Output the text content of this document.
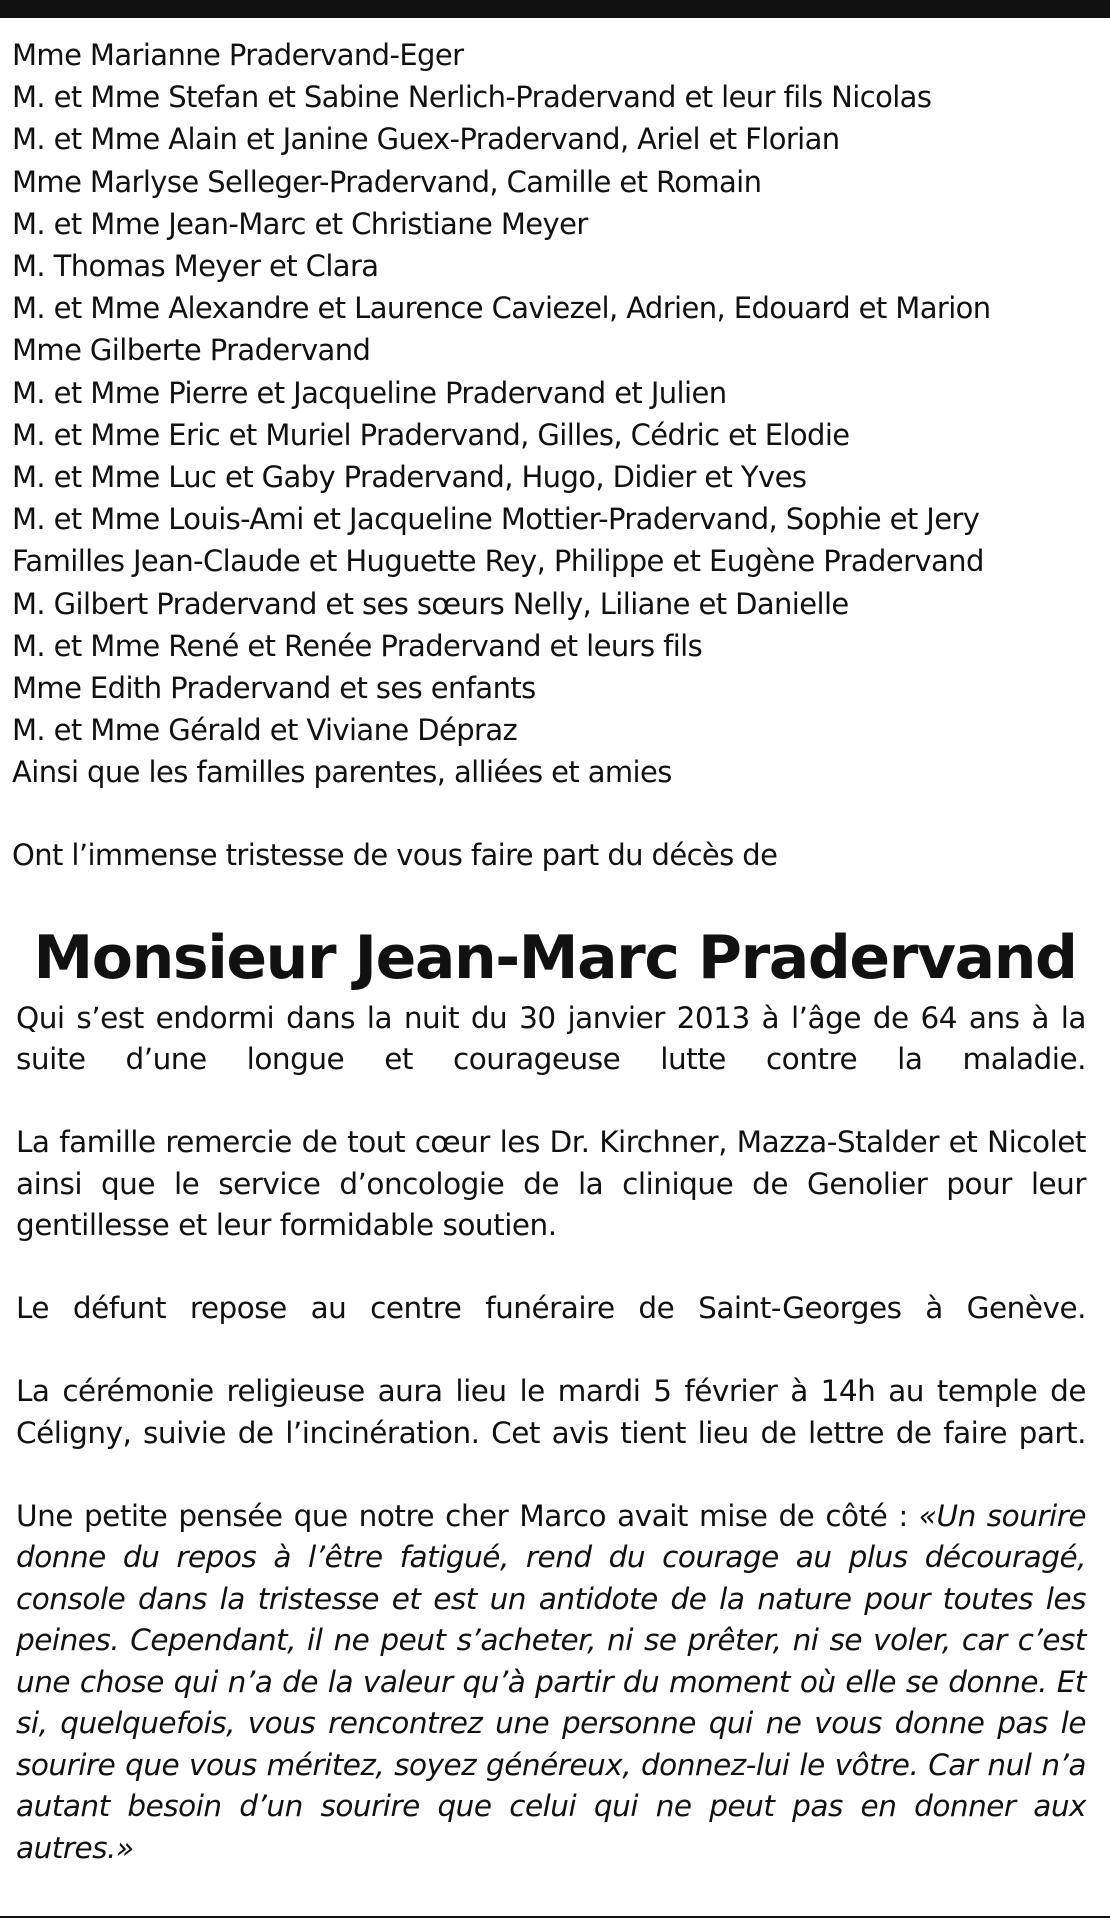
Mme Marianne Pradervand-Eger
M. et Mme Stefan et Sabine Nerlich-Pradervand et leur fils Nicolas
M. et Mme Alain et Janine Guex-Pradervand, Ariel et Florian
Mme Marlyse Selleger-Pradervand, Camille et Romain
M. et Mme Jean-Marc et Christiane Meyer
M. Thomas Meyer et Clara
M. et Mme Alexandre et Laurence Caviezel, Adrien, Edouard et Marion
Mme Gilberte Pradervand
M. et Mme Pierre et Jacqueline Pradervand et Julien
M. et Mme Eric et Muriel Pradervand, Gilles, Cédric et Elodie
M. et Mme Luc et Gaby Pradervand, Hugo, Didier et Yves
M. et Mme Louis-Ami et Jacqueline Mottier-Pradervand, Sophie et Jery
Familles Jean-Claude et Huguette Rey, Philippe et Eugène Pradervand
M. Gilbert Pradervand et ses sœurs Nelly, Liliane et Danielle
M. et Mme René et Renée Pradervand et leurs fils
Mme Edith Pradervand et ses enfants
M. et Mme Gérald et Viviane Dépraz
Ainsi que les familles parentes, alliées et amies

Ont l’immense tristesse de vous faire part du décès de

Monsieur Jean-Marc Pradervand

Qui s’est endormi dans la nuit du 30 janvier 2013 à l’âge de 64 ans à la suite d’une longue et courageuse lutte contre la maladie.

La famille remercie de tout cœur les Dr. Kirchner, Mazza-Stalder et Nicolet ainsi que le service d’oncologie de la clinique de Genolier pour leur gentillesse et leur formidable soutien.

Le défunt repose au centre funéraire de Saint-Georges à Genève.

La cérémonie religieuse aura lieu le mardi 5 février à 14h au temple de Céligny, suivie de l’incinération. Cet avis tient lieu de lettre de faire part.

Une petite pensée que notre cher Marco avait mise de côté : «Un sourire donne du repos à l’être fatigué, rend du courage au plus découragé, console dans la tristesse et est un antidote de la nature pour toutes les peines. Cependant, il ne peut s’acheter, ni se prêter, ni se voler, car c’est une chose qui n’a de la valeur qu’à partir du moment où elle se donne. Et si, quelquefois, vous rencontrez une personne qui ne vous donne pas le sourire que vous méritez, soyez généreux, donnez-lui le vôtre. Car nul n’a autant besoin d’un sourire que celui qui ne peut pas en donner aux autres.»
